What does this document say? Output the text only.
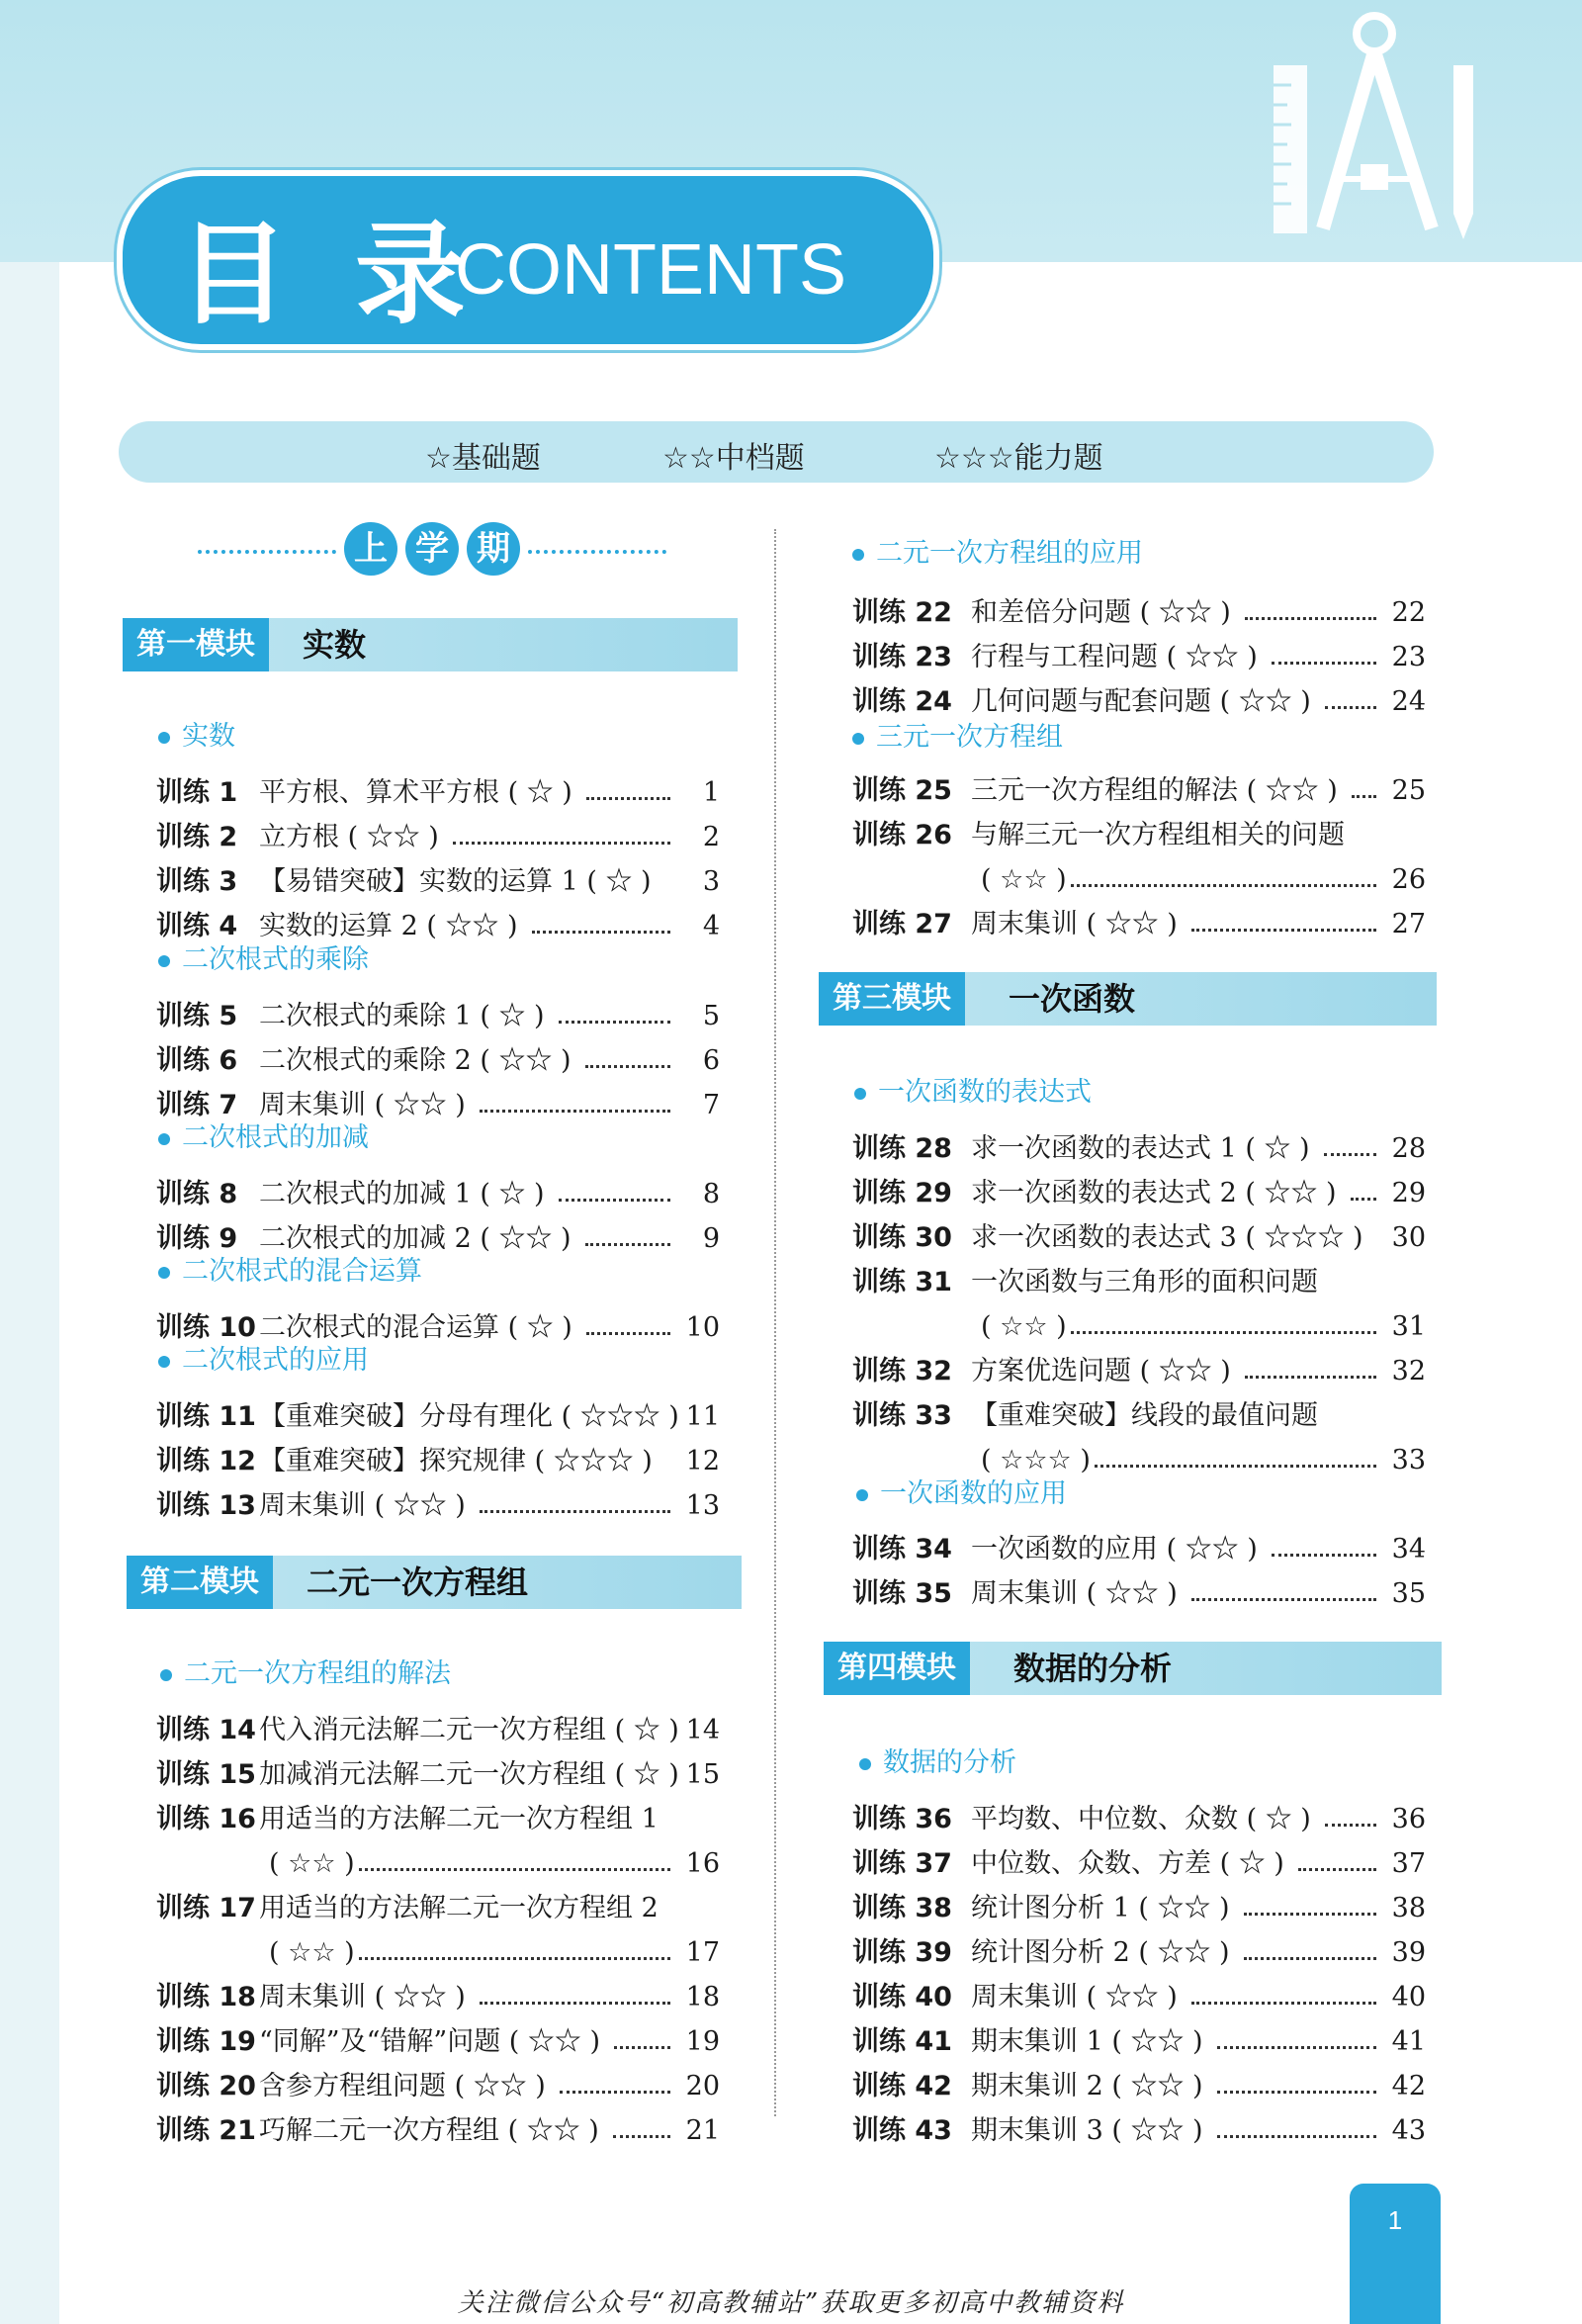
目 录
CONTENTS
☆基础题	☆☆中档题	☆☆☆能力题
上 学 期
第一模块	实数
第二模块	二元一次方程组
第三模块	一次函数
第四模块	数据的分析
实数
二次根式的乘除
二次根式的加减
二次根式的混合运算
二次根式的应用
二元一次方程组的解法
二元一次方程组的应用
三元一次方程组
一次函数的表达式
一次函数的应用
数据的分析
训练 1 平方根、算术平方根 ( ☆ )	1
训练 2 立方根 ( ☆☆ )	2
训练 3 【易错突破】实数的运算 1 ( ☆ )	3
训练 4 实数的运算 2 ( ☆☆ )	4
训练 5 二次根式的乘除 1 ( ☆ )	5
训练 6 二次根式的乘除 2 ( ☆☆ )	6
训练 7 周末集训 ( ☆☆ )	7
训练 8 二次根式的加减 1 ( ☆ )	8
训练 9 二次根式的加减 2 ( ☆☆ )	9
训练 10 二次根式的混合运算 ( ☆ )	10
训练 11 【重难突破】分母有理化 ( ☆☆☆ ) 11
训练 12 【重难突破】探究规律 ( ☆☆☆ ) 12
训练 13 周末集训 ( ☆☆ )	13
训练 14 代入消元法解二元一次方程组 ( ☆ ) 14
训练 15 加减消元法解二元一次方程组 ( ☆ ) 15
训练 16 用适当的方法解二元一次方程组 1
( ☆☆ )	16
训练 17 用适当的方法解二元一次方程组 2
( ☆☆ )	17
训练 18 周末集训 ( ☆☆ )	18
训练 19 “同解”及“错解”问题 ( ☆☆ )	19
训练 20 含参方程组问题 ( ☆☆ )	20
训练 21 巧解二元一次方程组 ( ☆☆ )	21
训练 22 和差倍分问题 ( ☆☆ )	22
训练 23 行程与工程问题 ( ☆☆ )	23
训练 24 几何问题与配套问题 ( ☆☆ )	24
训练 25 三元一次方程组的解法 ( ☆☆ ) 25
训练 26 与解三元一次方程组相关的问题
( ☆☆ )	26
训练 27 周末集训 ( ☆☆ )	27
训练 28 求一次函数的表达式 1 ( ☆ )	28
训练 29 求一次函数的表达式 2 ( ☆☆ ) 29
训练 30 求一次函数的表达式 3 ( ☆☆☆ ) 30
训练 31 一次函数与三角形的面积问题
( ☆☆ )	31
训练 32 方案优选问题 ( ☆☆ )	32
训练 33 【重难突破】线段的最值问题
( ☆☆☆ )	33
训练 34 一次函数的应用 ( ☆☆ )	34
训练 35 周末集训 ( ☆☆ )	35
训练 36 平均数、中位数、众数 ( ☆ )	36
训练 37 中位数、众数、方差 ( ☆ )	37
训练 38 统计图分析 1 ( ☆☆ )	38
训练 39 统计图分析 2 ( ☆☆ )	39
训练 40 周末集训 ( ☆☆ )	40
训练 41 期末集训 1 ( ☆☆ )	41
训练 42 期末集训 2 ( ☆☆ )	42
训练 43 期末集训 3 ( ☆☆ )	43
1
关注微信公众号“初高教辅站”获取更多初高中教辅资料
